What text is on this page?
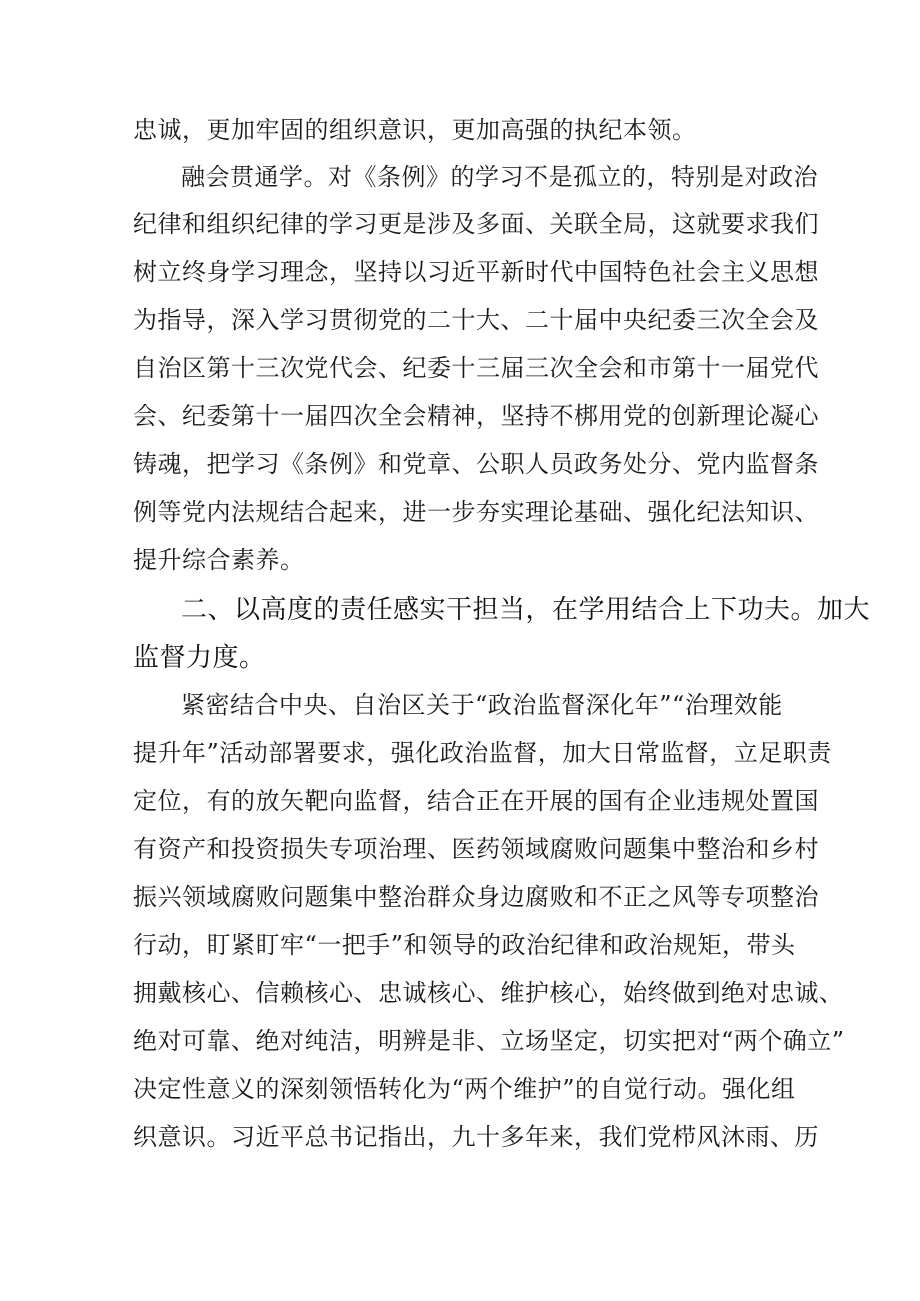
忠诚，更加牢固的组织意识，更加高强的执纪本领。
融会贯通学。对《条例》的学习不是孤立的，特别是对政治
纪律和组织纪律的学习更是涉及多面、关联全局，这就要求我们
树立终身学习理念，坚持以习近平新时代中国特色社会主义思想
为指导，深入学习贯彻党的二十大、二十届中央纪委三次全会及
自治区第十三次党代会、纪委十三届三次全会和市第十一届党代
会、纪委第十一届四次全会精神，坚持不梆用党的创新理论凝心
铸魂，把学习《条例》和党章、公职人员政务处分、党内监督条
例等党内法规结合起来，进一步夯实理论基础、强化纪法知识、
提升综合素养。
二、以高度的责任感实干担当，在学用结合上下功夫。加大
监督力度。
紧密结合中央、自治区关于“政治监督深化年”“治理效能
提升年”活动部署要求，强化政治监督，加大日常监督，立足职责
定位，有的放矢靶向监督，结合正在开展的国有企业违规处置国
有资产和投资损失专项治理、医药领域腐败问题集中整治和乡村
振兴领域腐败问题集中整治群众身边腐败和不正之风等专项整治
行动，盯紧盯牢“一把手”和领导的政治纪律和政治规矩，带头
拥戴核心、信赖核心、忠诚核心、维护核心，始终做到绝对忠诚、
绝对可靠、绝对纯洁，明辨是非、立场坚定，切实把对“两个确立”
决定性意义的深刻领悟转化为“两个维护”的自觉行动。强化组
织意识。习近平总书记指出，九十多年来，我们党栉风沐雨、历
